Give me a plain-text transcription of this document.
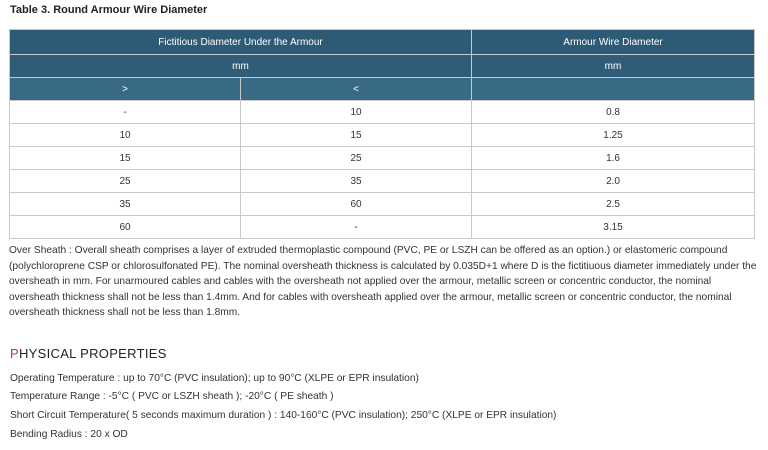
Table 3. Round Armour Wire Diameter
Fictitious Diameter Under the Armour		Armour Wire Diameter
mm		mm
>	<	
-	10	0.8
10	15	1.25
15	25	1.6
25	35	2.0
35	60	2.5
60	-	3.15

Over Sheath : Overall sheath comprises a layer of extruded thermoplastic compound (PVC, PE or LSZH can be offered as an option.) or elastomeric compound (polychloroprene CSP or chlorosulfonated PE). The nominal oversheath thickness is calculated by 0.035D+1 where D is the fictitiuous diameter immediately under the oversheath in mm. For unarmoured cables and cables with the oversheath not applied over the armour, metallic screen or concentric conductor, the nominal oversheath thickness shall not be less than 1.4mm. And for cables with oversheath applied over the armour, metallic screen or concentric conductor, the nominal oversheath thickness shall not be less than 1.8mm.

PHYSICAL PROPERTIES

Operating Temperature : up to 70°C (PVC insulation); up to 90°C (XLPE or EPR insulation)

Temperature Range : -5°C ( PVC or LSZH sheath ); -20°C ( PE sheath )

Short Circuit Temperature( 5 seconds maximum duration ) : 140-160°C (PVC insulation); 250°C (XLPE or EPR insulation)

Bending Radius : 20 x OD
